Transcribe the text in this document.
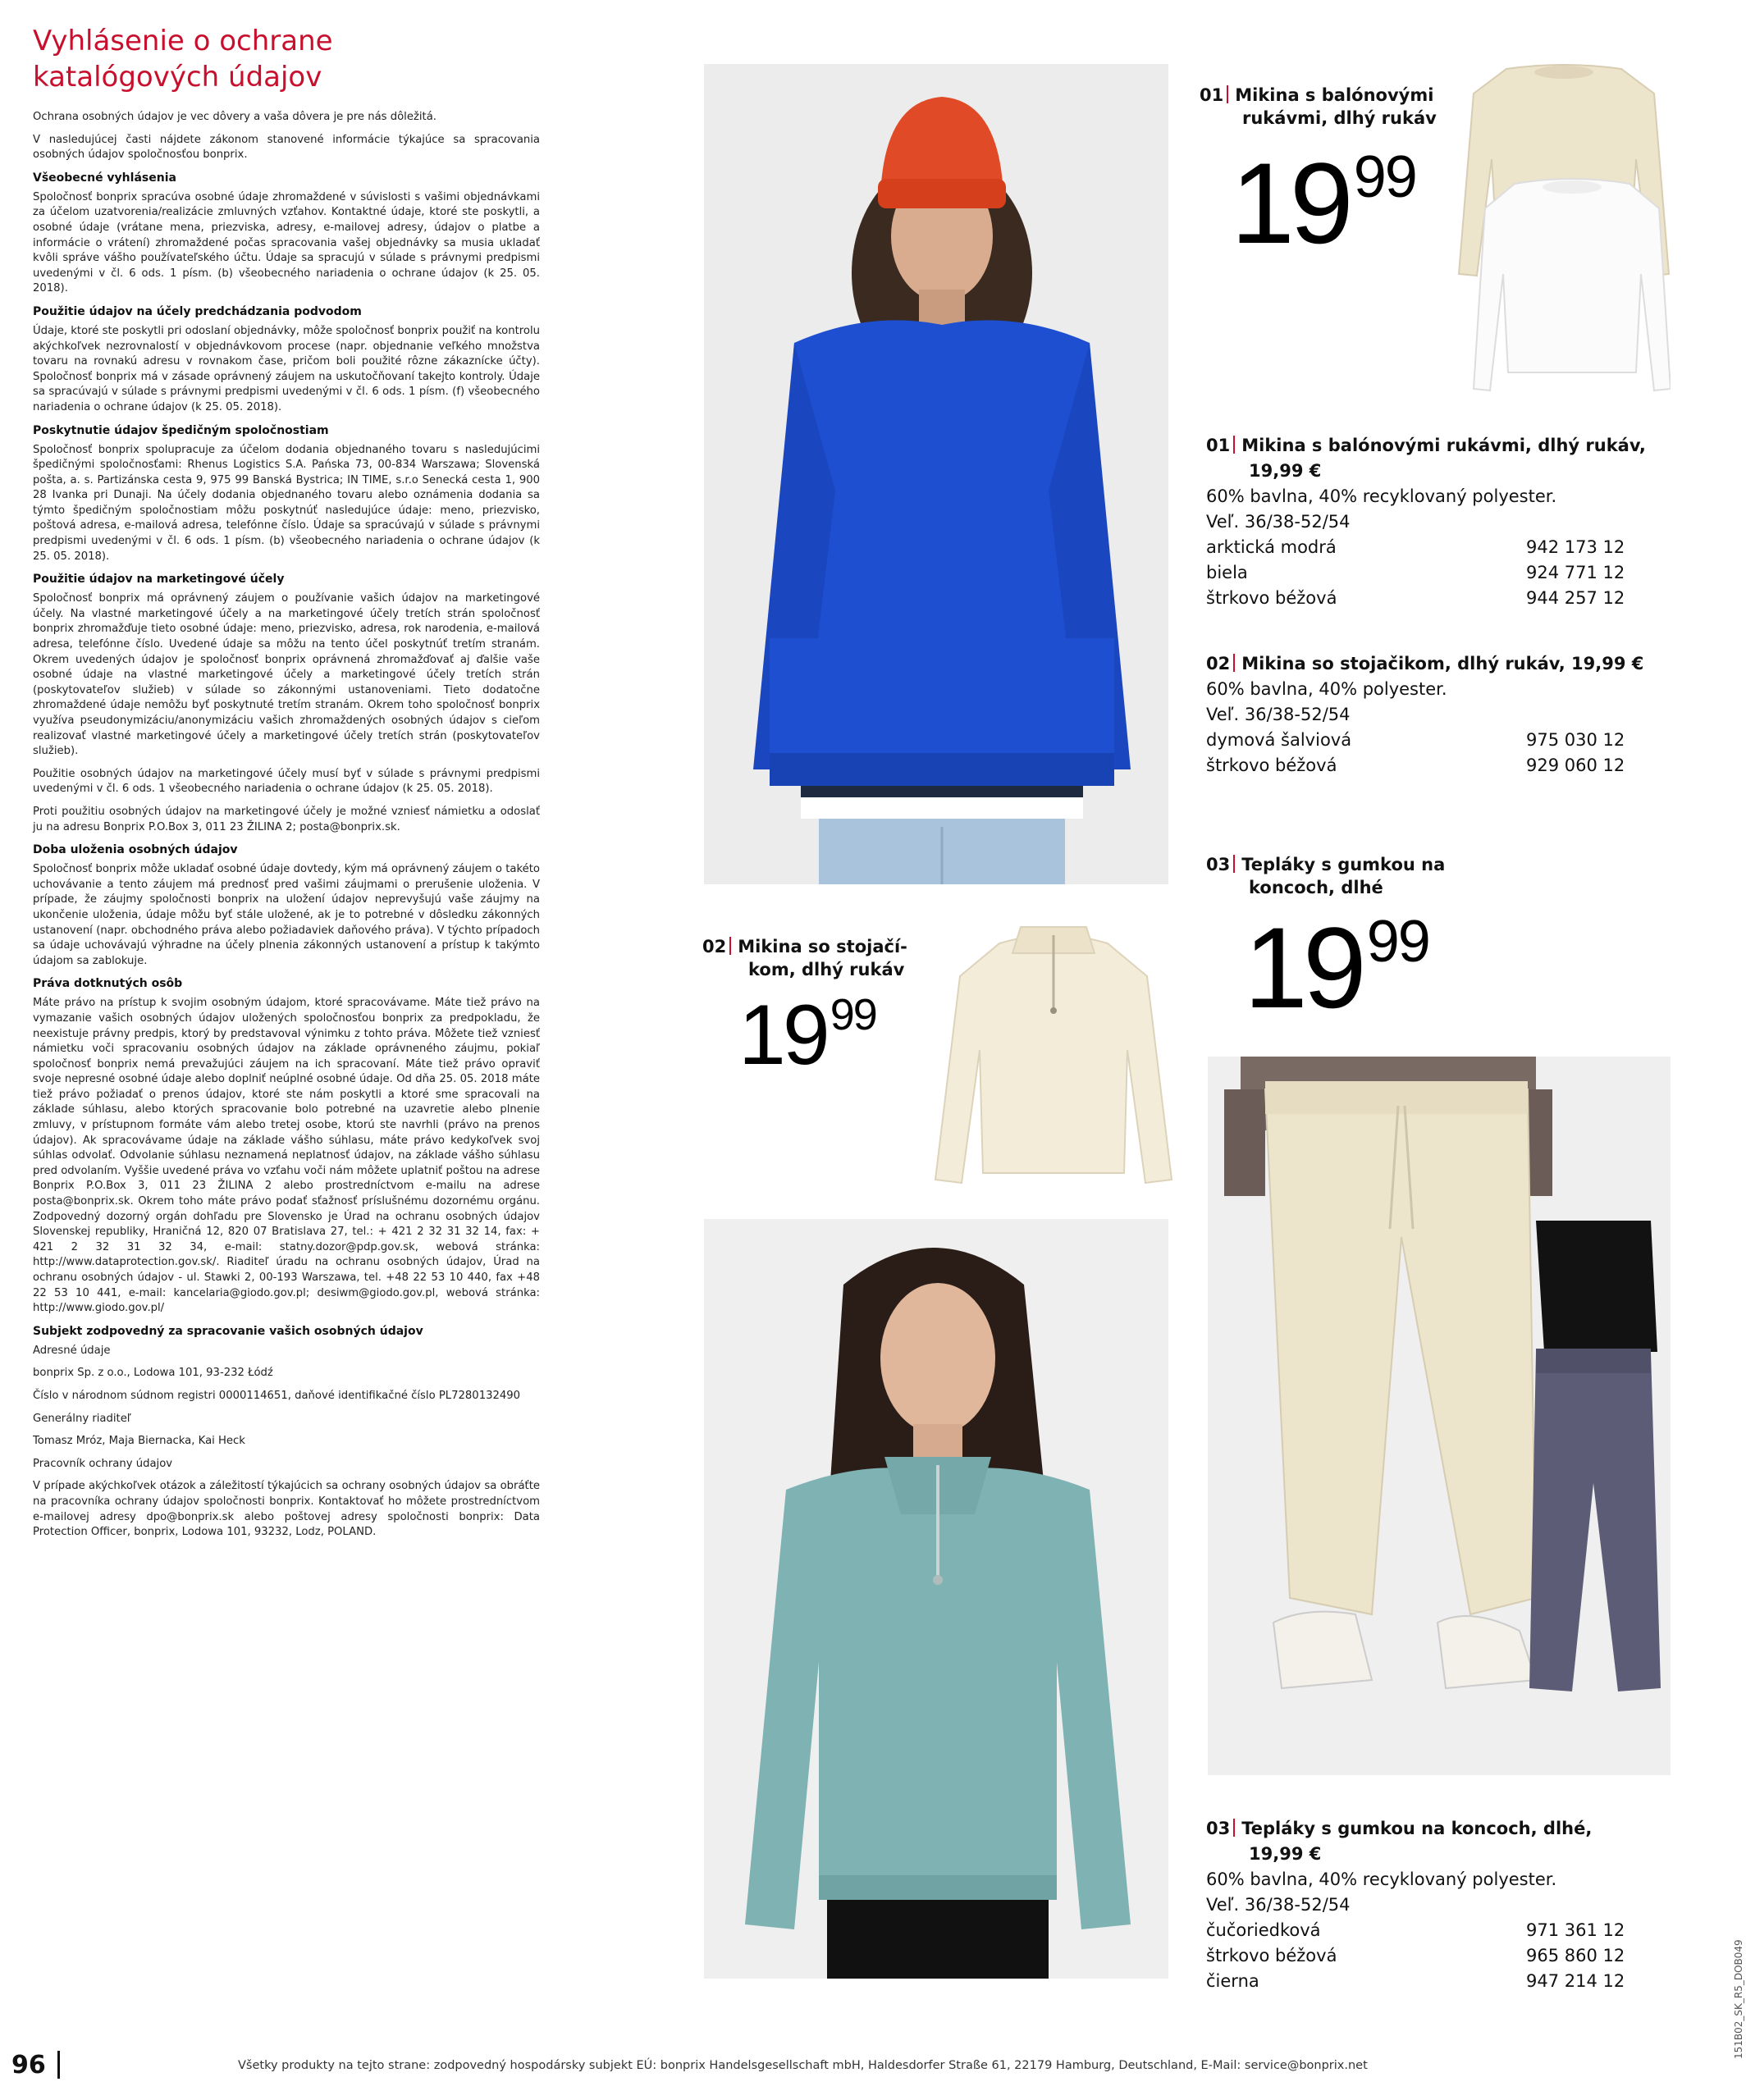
Vyhlásenie o ochrane
katalógových údajov

Ochrana osobných údajov je vec dôvery a vaša dôvera je pre nás dôležitá.

V nasledujúcej časti nájdete zákonom stanovené informácie týkajúce sa spracovania osobných údajov spoločnosťou bonprix.

Všeobecné vyhlásenia

Spoločnosť bonprix spracúva osobné údaje zhromaždené v súvislosti s vašimi objednávkami za účelom uzatvorenia/realizácie zmluvných vzťahov. Kontaktné údaje, ktoré ste poskytli, a osobné údaje (vrátane mena, priezviska, adresy, e-mailovej adresy, údajov o platbe a informácie o vrátení) zhromaždené počas spracovania vašej objednávky sa musia ukladať kvôli správe vášho používateľského účtu. Údaje sa spracujú v súlade s právnymi predpismi uvedenými v čl. 6 ods. 1 písm. (b) všeobecného nariadenia o ochrane údajov (k 25. 05. 2018).

Použitie údajov na účely predchádzania podvodom

Údaje, ktoré ste poskytli pri odoslaní objednávky, môže spoločnosť bonprix použiť na kontrolu akýchkoľvek nezrovnalostí v objednávkovom procese (napr. objednanie veľkého množstva tovaru na rovnakú adresu v rovnakom čase, pričom boli použité rôzne zákaznícke účty). Spoločnosť bonprix má v zásade oprávnený záujem na uskutočňovaní takejto kontroly. Údaje sa spracúvajú v súlade s právnymi predpismi uvedenými v čl. 6 ods. 1 písm. (f) všeobecného nariadenia o ochrane údajov (k 25. 05. 2018).

Poskytnutie údajov špedičným spoločnostiam

Spoločnosť bonprix spolupracuje za účelom dodania objednaného tovaru s nasledujúcimi špedičnými spoločnosťami: Rhenus Logistics S.A. Pańska 73, 00-834 Warszawa; Slovenská pošta, a. s. Partizánska cesta 9, 975 99 Banská Bystrica; IN TIME, s.r.o Senecká cesta 1, 900 28 Ivanka pri Dunaji. Na účely dodania objednaného tovaru alebo oznámenia dodania sa týmto špedičným spoločnostiam môžu poskytnúť nasledujúce údaje: meno, priezvisko, poštová adresa, e-mailová adresa, telefónne číslo. Údaje sa spracúvajú v súlade s právnymi predpismi uvedenými v čl. 6 ods. 1 písm. (b) všeobecného nariadenia o ochrane údajov (k 25. 05. 2018).

Použitie údajov na marketingové účely

Spoločnosť bonprix má oprávnený záujem o používanie vašich údajov na marketingové účely. Na vlastné marketingové účely a na marketingové účely tretích strán spoločnosť bonprix zhromažďuje tieto osobné údaje: meno, priezvisko, adresa, rok narodenia, e-mailová adresa, telefónne číslo. Uvedené údaje sa môžu na tento účel poskytnúť tretím stranám. Okrem uvedených údajov je spoločnosť bonprix oprávnená zhromažďovať aj ďalšie vaše osobné údaje na vlastné marketingové účely a marketingové účely tretích strán (poskytovateľov služieb) v súlade so zákonnými ustanoveniami. Tieto dodatočne zhromaždené údaje nemôžu byť poskytnuté tretím stranám. Okrem toho spoločnosť bonprix využíva pseudonymizáciu/anonymizáciu vašich zhromaždených osobných údajov s cieľom realizovať vlastné marketingové účely a marketingové účely tretích strán (poskytovateľov služieb).

Použitie osobných údajov na marketingové účely musí byť v súlade s právnymi predpismi uvedenými v čl. 6 ods. 1 všeobecného nariadenia o ochrane údajov (k 25. 05. 2018).

Proti použitiu osobných údajov na marketingové účely je možné vzniesť námietku a odoslať ju na adresu Bonprix P.O.Box 3, 011 23 ŽILINA 2; posta@bonprix.sk.

Doba uloženia osobných údajov

Spoločnosť bonprix môže ukladať osobné údaje dovtedy, kým má oprávnený záujem o takéto uchovávanie a tento záujem má prednosť pred vašimi záujmami o prerušenie uloženia. V prípade, že záujmy spoločnosti bonprix na uložení údajov neprevyšujú vaše záujmy na ukončenie uloženia, údaje môžu byť stále uložené, ak je to potrebné v dôsledku zákonných ustanovení (napr. obchodného práva alebo požiadaviek daňového práva). V týchto prípadoch sa údaje uchovávajú výhradne na účely plnenia zákonných ustanovení a prístup k takýmto údajom sa zablokuje.

Práva dotknutých osôb

Máte právo na prístup k svojim osobným údajom, ktoré spracovávame. Máte tiež právo na vymazanie vašich osobných údajov uložených spoločnosťou bonprix za predpokladu, že neexistuje právny predpis, ktorý by predstavoval výnimku z tohto práva. Môžete tiež vzniesť námietku voči spracovaniu osobných údajov na základe oprávneného záujmu, pokiaľ spoločnosť bonprix nemá prevažujúci záujem na ich spracovaní. Máte tiež právo opraviť svoje nepresné osobné údaje alebo doplniť neúplné osobné údaje. Od dňa 25. 05. 2018 máte tiež právo požiadať o prenos údajov, ktoré ste nám poskytli a ktoré sme spracovali na základe súhlasu, alebo ktorých spracovanie bolo potrebné na uzavretie alebo plnenie zmluvy, v prístupnom formáte vám alebo tretej osobe, ktorú ste navrhli (právo na prenos údajov). Ak spracovávame údaje na základe vášho súhlasu, máte právo kedykoľvek svoj súhlas odvolať. Odvolanie súhlasu neznamená neplatnosť údajov, na základe vášho súhlasu pred odvolaním. Vyššie uvedené práva vo vzťahu voči nám môžete uplatniť poštou na adrese Bonprix P.O.Box 3, 011 23 ŽILINA 2 alebo prostredníctvom e-mailu na adrese posta@bonprix.sk. Okrem toho máte právo podať sťažnosť príslušnému dozornému orgánu. Zodpovedný dozorný orgán dohľadu pre Slovensko je Úrad na ochranu osobných údajov Slovenskej republiky, Hraničná 12, 820 07 Bratislava 27, tel.: + 421 2 32 31 32 14, fax: + 421 2 32 31 32 34, e-mail: statny.dozor@pdp.gov.sk, webová stránka: http://www.dataprotection.gov.sk/. Riaditeľ úradu na ochranu osobných údajov, Úrad na ochranu osobných údajov - ul. Stawki 2, 00-193 Warszawa, tel. +48 22 53 10 440, fax +48 22 53 10 441, e-mail: kancelaria@giodo.gov.pl; desiwm@giodo.gov.pl, webová stránka: http://www.giodo.gov.pl/

Subjekt zodpovedný za spracovanie vašich osobných údajov

Adresné údaje

bonprix Sp. z o.o., Lodowa 101, 93-232 Łódź

Číslo v národnom súdnom registri 0000114651, daňové identifikačné číslo PL7280132490

Generálny riaditeľ

Tomasz Mróz, Maja Biernacka, Kai Heck

Pracovník ochrany údajov

V prípade akýchkoľvek otázok a záležitostí týkajúcich sa ochrany osobných údajov sa obráťte na pracovníka ochrany údajov spoločnosti bonprix. Kontaktovať ho môžete prostredníctvom e-mailovej adresy dpo@bonprix.sk alebo poštovej adresy spoločnosti bonprix: Data Protection Officer, bonprix, Lodowa 101, 93232, Lodz, POLAND.

01 Mikina s balónovými
rukávmi, dlhý rukáv
1999
02 Mikina so stojačí-
kom, dlhý rukáv
1999
03 Tepláky s gumkou na
koncoch, dlhé
1999
01 Mikina s balónovými rukávmi, dlhý rukáv,
19,99 €
60% bavlna, 40% recyklovaný polyester.
Veľ. 36/38-52/54
arktická modrá	942 173 12
biela	924 771 12
štrkovo béžová	944 257 12
02 Mikina so stojačikom, dlhý rukáv, 19,99 €
60% bavlna, 40% polyester.
Veľ. 36/38-52/54
dymová šalviová	975 030 12
štrkovo béžová	929 060 12
03 Tepláky s gumkou na koncoch, dlhé,
19,99 €
60% bavlna, 40% recyklovaný polyester.
Veľ. 36/38-52/54
čučoriedková	971 361 12
štrkovo béžová	965 860 12
čierna	947 214 12
96	Všetky produkty na tejto strane: zodpovedný hospodársky subjekt EÚ: bonprix Handelsgesellschaft mbH, Haldesdorfer Straße 61, 22179 Hamburg, Deutschland, E-Mail: service@bonprix.net
151B02_SK_R5_DOB049
